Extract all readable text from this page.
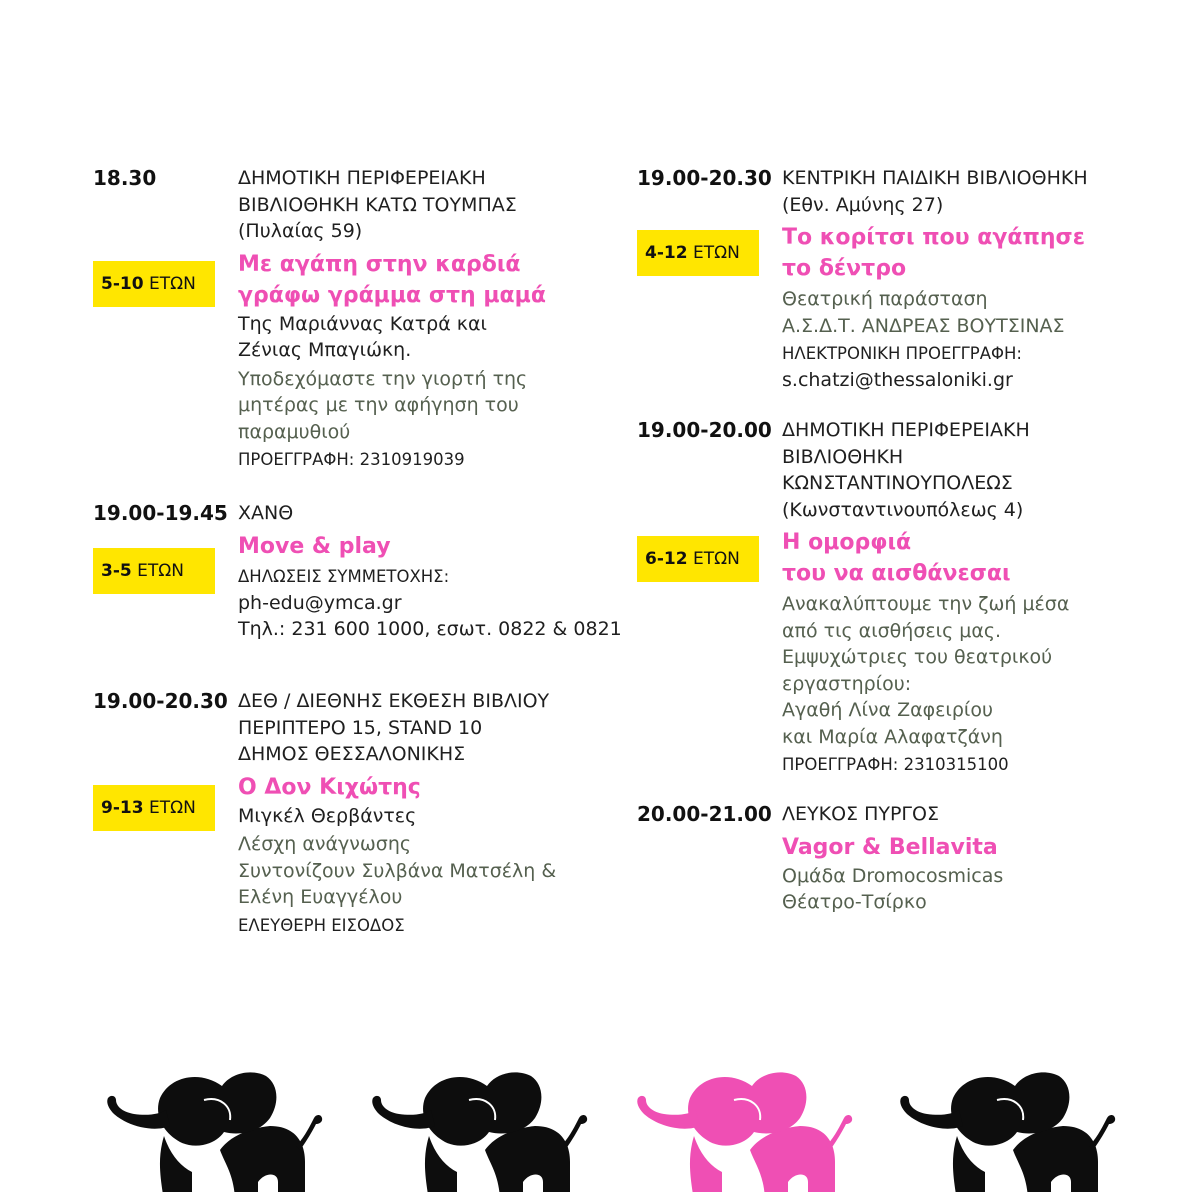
18.30	ΔΗΜΟΤΙΚΗ ΠΕΡΙΦΕΡΕΙΑΚΗ
ΒΙΒΛΙΟΘΗΚΗ ΚΑΤΩ ΤΟΥΜΠΑΣ
(Πυλαίας 59)
Με αγάπη στην καρδιά
γράφω γράμμα στη μαμά
Της Μαριάννας Κατρά και
Ζένιας Μπαγιώκη.
Υποδεχόμαστε την γιορτή της
μητέρας με την αφήγηση του
παραμυθιού
ΠΡΟΕΓΓΡΑΦΗ: 2310919039
5-10 ΕΤΩΝ
19.00-19.45 ΧΑΝΘ
Move & play
ΔΗΛΩΣΕΙΣ ΣΥΜΜΕΤΟΧΗΣ:
ph-edu@ymca.gr
Τηλ.: 231 600 1000, εσωτ. 0822 & 0821
3-5 ΕΤΩΝ
19.00-20.30 ΔΕΘ / ΔΙΕΘΝΗΣ ΕΚΘΕΣΗ ΒΙΒΛΙΟΥ
ΠΕΡΙΠΤΕΡΟ 15, STAND 10
ΔΗΜΟΣ ΘΕΣΣΑΛΟΝΙΚΗΣ
Ο Δον Κιχώτης
Μιγκέλ Θερβάντες
Λέσχη ανάγνωσης
Συντονίζουν Συλβάνα Ματσέλη &
Ελένη Ευαγγέλου
ΕΛΕΥΘΕΡΗ ΕΙΣΟΔΟΣ
9-13 ΕΤΩΝ
19.00-20.30 ΚΕΝΤΡΙΚΗ ΠΑΙΔΙΚΗ ΒΙΒΛΙΟΘΗΚΗ
(Εθν. Αμύνης 27)
Το κορίτσι που αγάπησε
το δέντρο
Θεατρική παράσταση
Α.Σ.Δ.Τ. ΑΝΔΡΕΑΣ ΒΟΥΤΣΙΝΑΣ
ΗΛΕΚΤΡΟΝΙΚΗ ΠΡΟΕΓΓΡΑΦΗ:
s.chatzi@thessaloniki.gr
4-12 ΕΤΩΝ
19.00-20.00 ΔΗΜΟΤΙΚΗ ΠΕΡΙΦΕΡΕΙΑΚΗ
ΒΙΒΛΙΟΘΗΚΗ
ΚΩΝΣΤΑΝΤΙΝΟΥΠΟΛΕΩΣ
(Κωνσταντινουπόλεως 4)
Η ομορφιά
του να αισθάνεσαι
Ανακαλύπτουμε την ζωή μέσα
από τις αισθήσεις μας.
Εμψυχώτριες του θεατρικού
εργαστηρίου:
Αγαθή Λίνα Ζαφειρίου
και Μαρία Αλαφατζάνη
ΠΡΟΕΓΓΡΑΦΗ: 2310315100
6-12 ΕΤΩΝ
20.00-21.00 ΛΕΥΚΟΣ ΠΥΡΓΟΣ
Vagor & Bellavita
Ομάδα Dromocosmicas
Θέατρο-Τσίρκο
